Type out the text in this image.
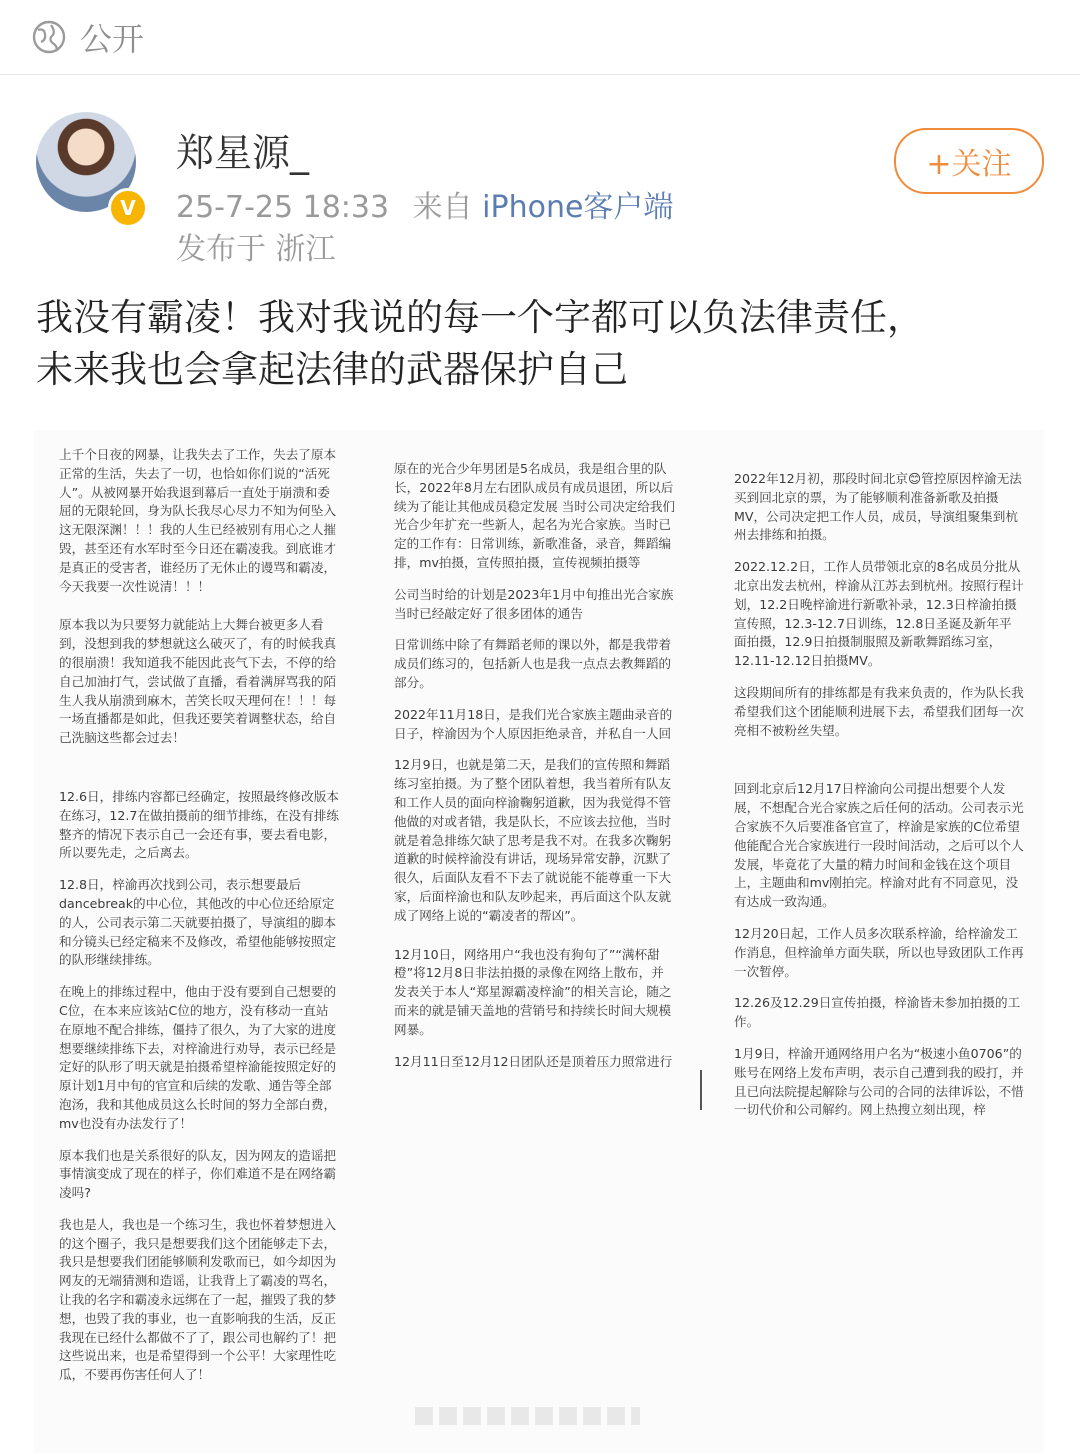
公开
V
郑星源_
25-7-25 18:33 来自 iPhone客户端
发布于 浙江
+关注
我没有霸凌！我对我说的每一个字都可以负法律责任，
未来我也会拿起法律的武器保护自己

上千个日夜的网暴，让我失去了工作，失去了原本正常的生活，失去了一切，也恰如你们说的“活死人”。从被网暴开始我退到幕后一直处于崩溃和委屈的无限轮回，身为队长我尽心尽力不知为何坠入这无限深渊！！！我的人生已经被别有用心之人摧毁，甚至还有水军时至今日还在霸凌我。到底谁才是真正的受害者，谁经历了无休止的谩骂和霸凌，今天我要一次性说清！！！

原本我以为只要努力就能站上大舞台被更多人看到，没想到我的梦想就这么破灭了，有的时候我真的很崩溃！我知道我不能因此丧气下去，不停的给自己加油打气，尝试做了直播，看着满屏骂我的陌生人我从崩溃到麻木，苦笑长叹天理何在！！！每一场直播都是如此，但我还要笑着调整状态，给自己洗脑这些都会过去！

12.6日，排练内容都已经确定，按照最终修改版本在练习，12.7在做拍摄前的细节排练，在没有排练整齐的情况下表示自己一会还有事，要去看电影，所以要先走，之后离去。

12.8日，梓渝再次找到公司，表示想要最后dancebreak的中心位，其他改的中心位还给原定的人，公司表示第二天就要拍摄了，导演组的脚本和分镜头已经定稿来不及修改，希望他能够按照定的队形继续排练。

在晚上的排练过程中，他由于没有要到自己想要的C位，在本来应该站C位的地方，没有移动一直站在原地不配合排练，僵持了很久，为了大家的进度想要继续排练下去，对梓渝进行劝导，表示已经是定好的队形了明天就是拍摄希望梓渝能按照定好的原计划1月中旬的官宣和后续的发歌、通告等全部泡汤，我和其他成员这么长时间的努力全部白费，mv也没有办法发行了！

原本我们也是关系很好的队友，因为网友的造谣把事情演变成了现在的样子，你们难道不是在网络霸凌吗?

我也是人，我也是一个练习生，我也怀着梦想进入的这个圈子，我只是想要我们这个团能够走下去，我只是想要我们团能够顺利发歌而已，如今却因为网友的无端猜测和造谣，让我背上了霸凌的骂名，让我的名字和霸凌永远绑在了一起，摧毁了我的梦想，也毁了我的事业，也一直影响我的生活，反正我现在已经什么都做不了了，跟公司也解约了！把这些说出来，也是希望得到一个公平！大家理性吃瓜，不要再伤害任何人了！

原在的光合少年男团是5名成员，我是组合里的队长，2022年8月左右团队成员有成员退团，所以后续为了能让其他成员稳定发展 当时公司决定给我们光合少年扩充一些新人，起名为光合家族。当时已定的工作有：日常训练，新歌准备，录音，舞蹈编排，mv拍摄，宣传照拍摄，宣传视频拍摄等

公司当时给的计划是2023年1月中旬推出光合家族 当时已经敲定好了很多团体的通告

日常训练中除了有舞蹈老师的课以外，都是我带着成员们练习的，包括新人也是我一点点去教舞蹈的部分。

2022年11月18日，是我们光合家族主题曲录音的日子，梓渝因为个人原因拒绝录音，并私自一人回

12月9日，也就是第二天，是我们的宣传照和舞蹈练习室拍摄。为了整个团队着想，我当着所有队友和工作人员的面向梓渝鞠躬道歉，因为我觉得不管他做的对或者错，我是队长，不应该去拉他，当时就是着急排练欠缺了思考是我不对。在我多次鞠躬道歉的时候梓渝没有讲话，现场异常安静，沉默了很久，后面队友看不下去了就说能不能尊重一下大家，后面梓渝也和队友吵起来，再后面这个队友就成了网络上说的“霸凌者的帮凶”。

12月10日，网络用户“我也没有狗句了”“满杯甜橙”将12月8日非法拍摄的录像在网络上散布，并发表关于本人“郑星源霸凌梓渝”的相关言论，随之而来的就是铺天盖地的营销号和持续长时间大规模网暴。

12月11日至12月12日团队还是顶着压力照常进行

2022年12月初，那段时间北京😊管控原因梓渝无法买到回北京的票，为了能够顺利准备新歌及拍摄MV，公司决定把工作人员，成员，导演组聚集到杭州去排练和拍摄。

2022.12.2日，工作人员带领北京的8名成员分批从北京出发去杭州，梓渝从江苏去到杭州。按照行程计划，12.2日晚梓渝进行新歌补录，12.3日梓渝拍摄宣传照，12.3-12.7日训练，12.8日圣诞及新年平面拍摄，12.9日拍摄制服照及新歌舞蹈练习室，12.11-12.12日拍摄MV。

这段期间所有的排练都是有我来负责的，作为队长我希望我们这个团能顺利进展下去，希望我们团每一次亮相不被粉丝失望。

回到北京后12月17日梓渝向公司提出想要个人发展，不想配合光合家族之后任何的活动。公司表示光合家族不久后要准备官宣了，梓渝是家族的C位希望他能配合光合家族进行一段时间活动，之后可以个人发展，毕竟花了大量的精力时间和金钱在这个项目上，主题曲和mv刚拍完。梓渝对此有不同意见，没有达成一致沟通。

12月20日起，工作人员多次联系梓渝，给梓渝发工作消息，但梓渝单方面失联，所以也导致团队工作再一次暂停。

12.26及12.29日宣传拍摄，梓渝皆未参加拍摄的工作。

1月9日，梓渝开通网络用户名为“极速小鱼0706”的账号在网络上发布声明，表示自己遭到我的殴打，并且已向法院提起解除与公司的合同的法律诉讼，不惜一切代价和公司解约。网上热搜立刻出现，梓
